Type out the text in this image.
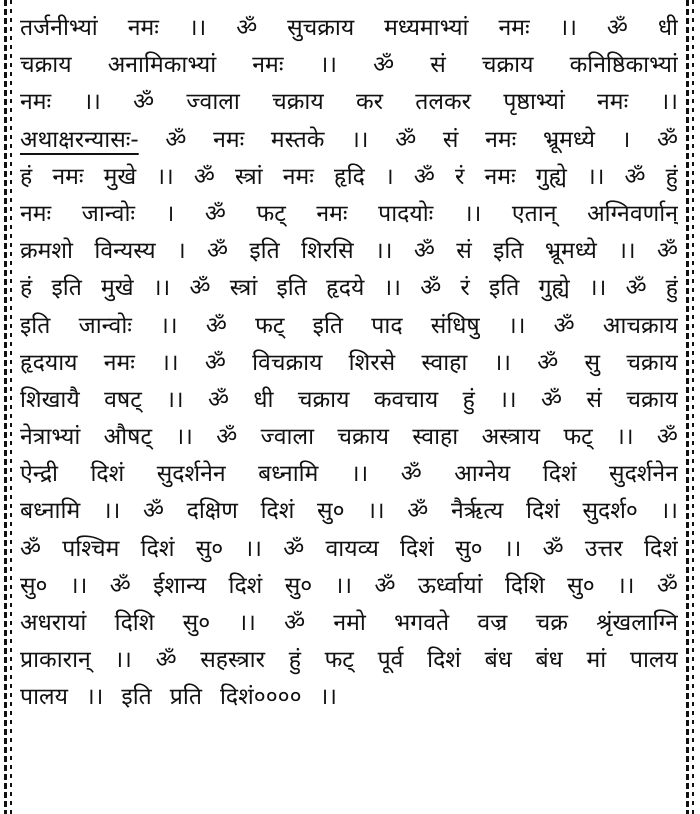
तर्जनीभ्यां नमः ।। ॐ सुचक्राय मध्यमाभ्यां नमः ।। ॐ धी
चक्राय अनामिकाभ्यां नमः ।। ॐ सं चक्राय कनिष्ठिकाभ्यां
नमः ।। ॐ ज्वाला चक्राय कर तलकर पृष्ठाभ्यां नमः ।।
अथाक्षरन्यासः- ॐ नमः मस्तके ।। ॐ सं नमः भ्रूमध्ये । ॐ
हं नमः मुखे ।। ॐ स्त्रां नमः हृदि । ॐ रं नमः गुह्ये ।। ॐ हुं
नमः जान्वोः । ॐ फट् नमः पादयोः ।। एतान् अग्निवर्णान्
क्रमशो विन्यस्य । ॐ इति शिरसि ।। ॐ सं इति भ्रूमध्ये ।। ॐ
हं इति मुखे ।। ॐ स्त्रां इति हृदये ।। ॐ रं इति गुह्ये ।। ॐ हुं
इति जान्वोः ।। ॐ फट् इति पाद संधिषु ।। ॐ आचक्राय
हृदयाय नमः ।। ॐ विचक्राय शिरसे स्वाहा ।। ॐ सु चक्राय
शिखायै वषट् ।। ॐ धी चक्राय कवचाय हुं ।। ॐ सं चक्राय
नेत्राभ्यां औषट् ।। ॐ ज्वाला चक्राय स्वाहा अस्त्राय फट् ।। ॐ
ऐन्द्री दिशं सुदर्शनेन बध्नामि ।। ॐ आग्नेय दिशं सुदर्शनेन
बध्नामि ।। ॐ दक्षिण दिशं सु० ।। ॐ नैर्ऋत्य दिशं सुदर्श० ।।
ॐ पश्चिम दिशं सु० ।। ॐ वायव्य दिशं सु० ।। ॐ उत्तर दिशं
सु० ।। ॐ ईशान्य दिशं सु० ।। ॐ ऊर्ध्वायां दिशि सु० ।। ॐ
अधरायां दिशि सु० ।। ॐ नमो भगवते वज्र चक्र श्रृंखलाग्नि
प्राकारान् ।। ॐ सहस्त्रार हुं फट् पूर्व दिशं बंध बंध मां पालय
पालय ।। इति प्रति दिशं०००० ।।
